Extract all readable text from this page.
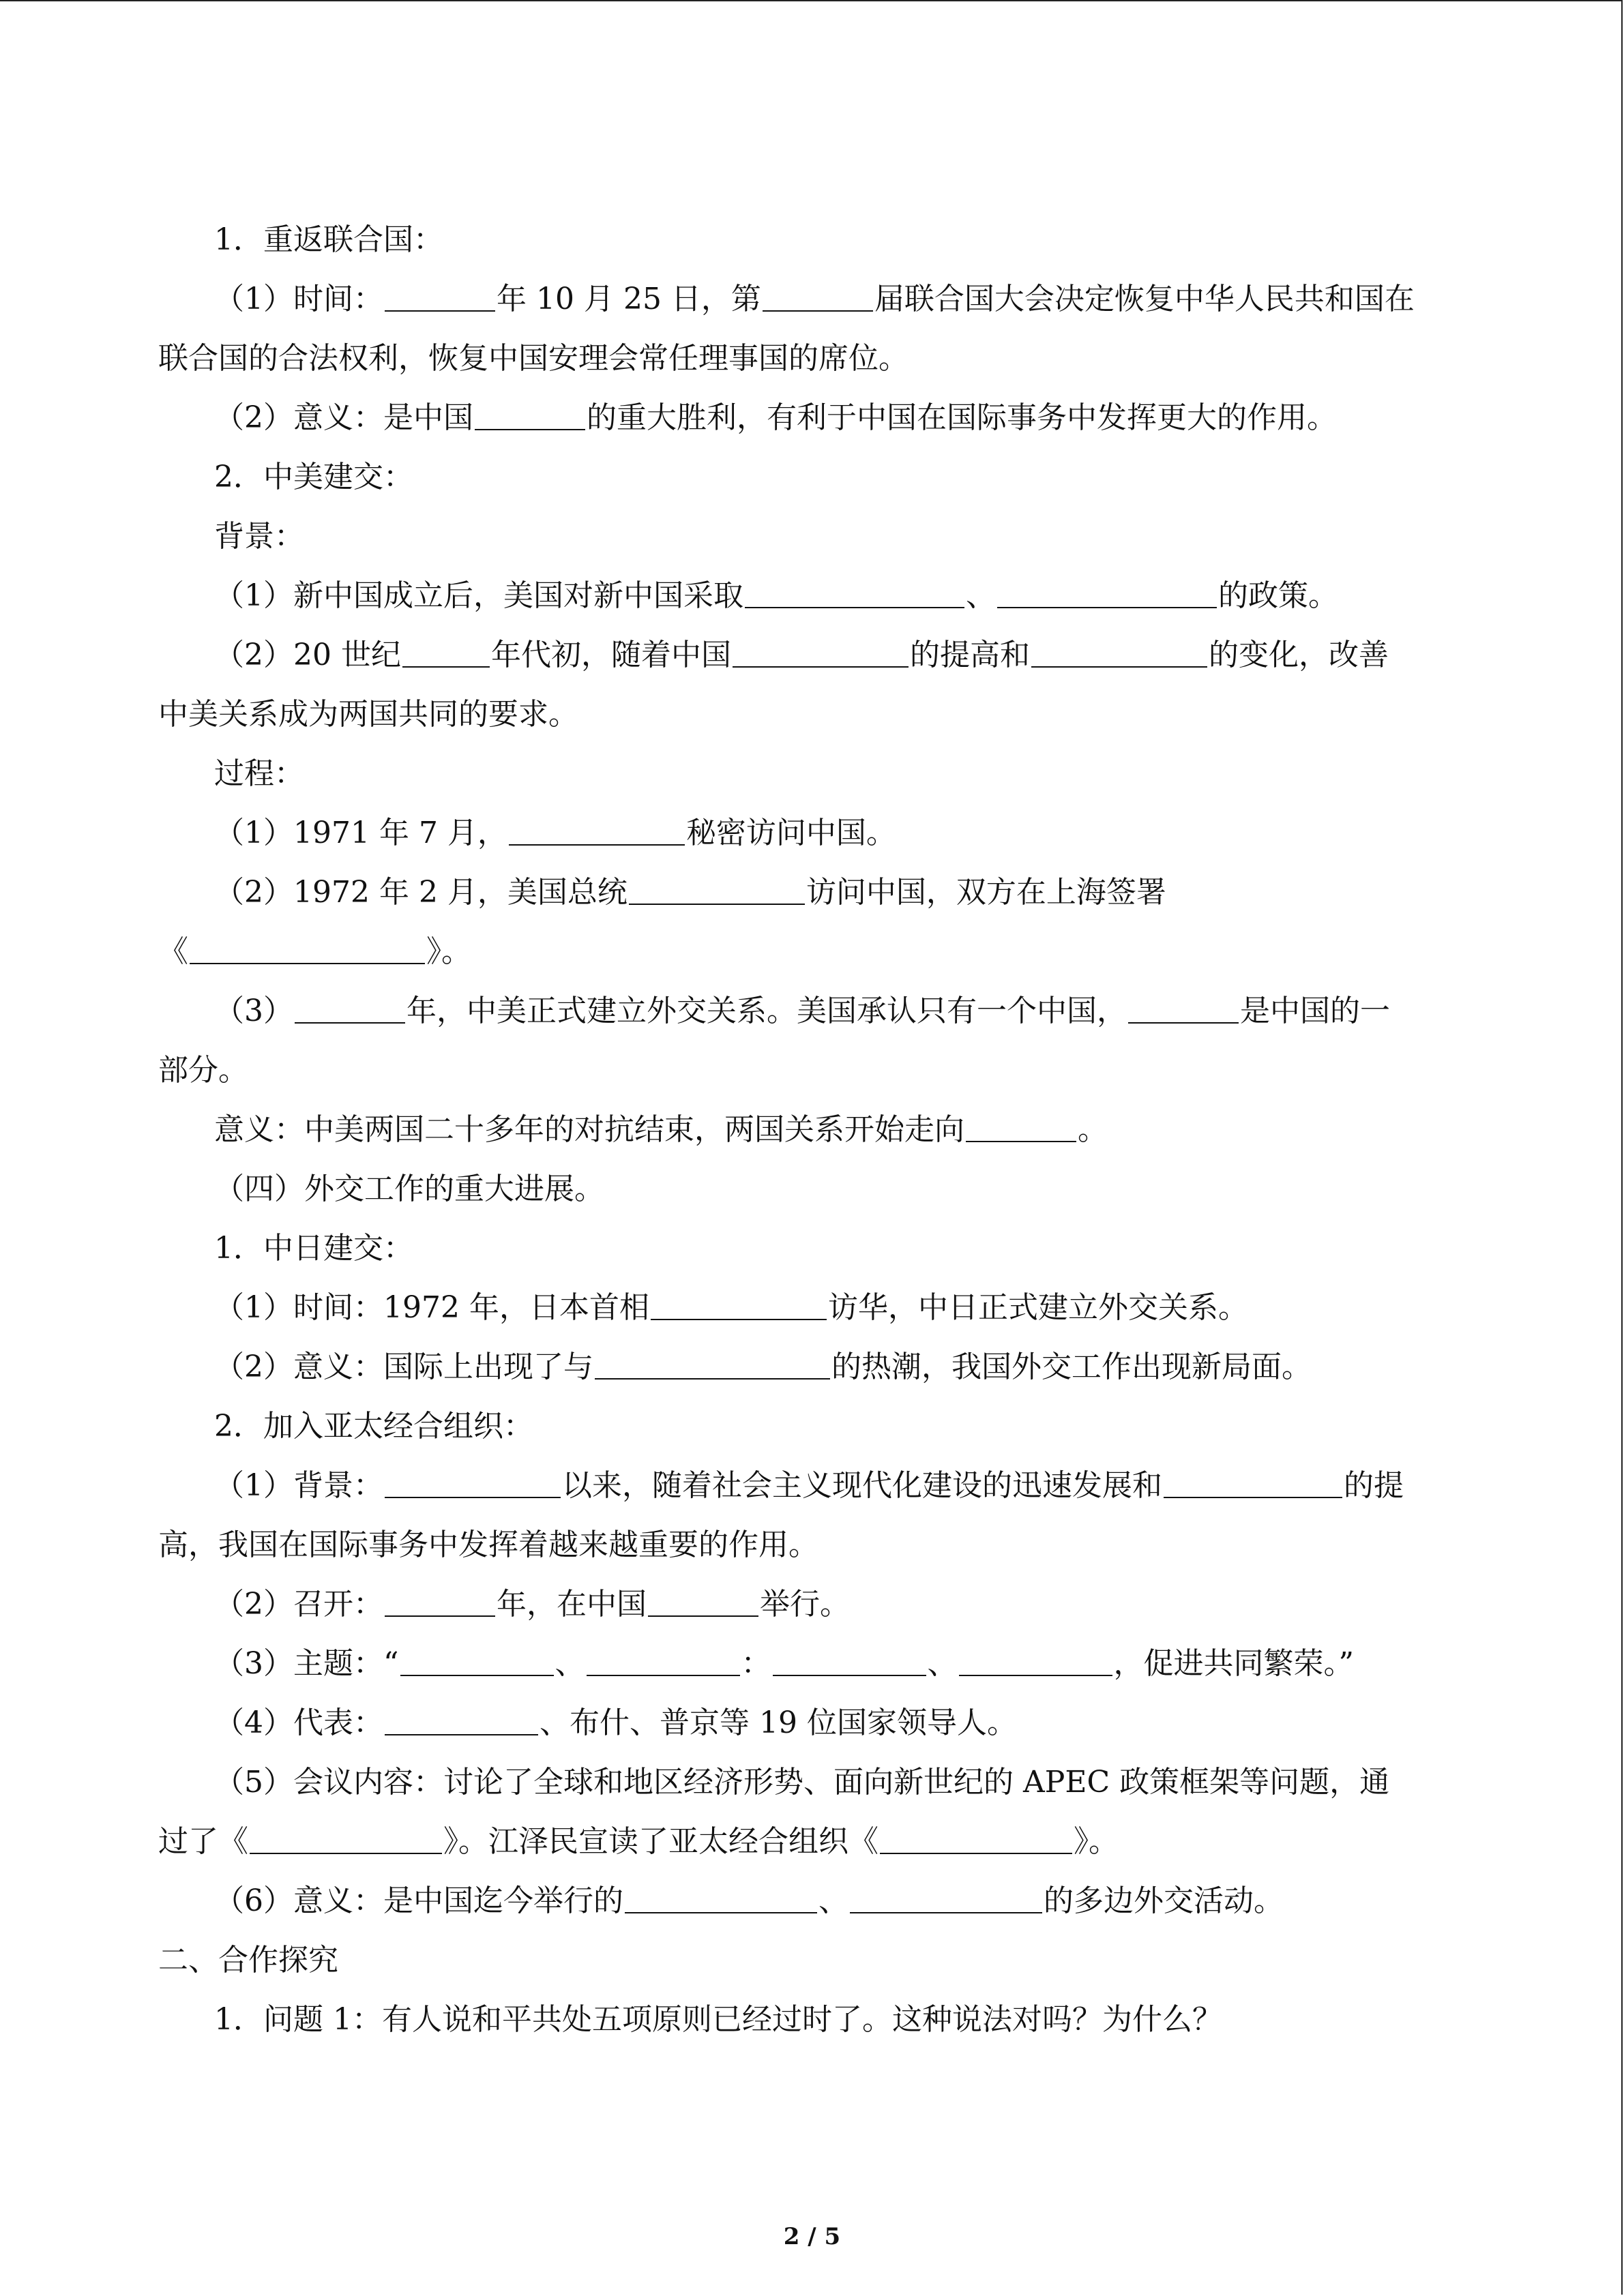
1．重返联合国：
（1）时间：	年 10 月 25 日，第	届联合国大会决定恢复中华人民共和国在
联合国的合法权利，恢复中国安理会常任理事国的席位。
（2）意义：是中国	的重大胜利，有利于中国在国际事务中发挥更大的作用。
2．中美建交：
背景：
（1）新中国成立后，美国对新中国采取	、	的政策。
（2）20 世纪	年代初，随着中国	的提高和	的变化，改善
中美关系成为两国共同的要求。
过程：
（1）1971 年 7 月，	秘密访问中国。
（2）1972 年 2 月，美国总统	访问中国，双方在上海签署
《	》。
（3）	年，中美正式建立外交关系。美国承认只有一个中国，	是中国的一
部分。
意义：中美两国二十多年的对抗结束，两国关系开始走向	。
（四）外交工作的重大进展。
1．中日建交：
（1）时间：1972 年，日本首相	访华，中日正式建立外交关系。
（2）意义：国际上出现了与	的热潮，我国外交工作出现新局面。
2．加入亚太经合组织：
（1）背景：	以来，随着社会主义现代化建设的迅速发展和	的提
高，我国在国际事务中发挥着越来越重要的作用。
（2）召开：	年，在中国	举行。
（3）主题：“	、	：	、	，促进共同繁荣。”
（4）代表：	、布什、普京等 19 位国家领导人。
（5）会议内容：讨论了全球和地区经济形势、面向新世纪的 APEC 政策框架等问题，通
过了《	》。江泽民宣读了亚太经合组织《	》。
（6）意义：是中国迄今举行的	、	的多边外交活动。
二、合作探究
1．问题 1：有人说和平共处五项原则已经过时了。这种说法对吗？为什么？
2 / 5
